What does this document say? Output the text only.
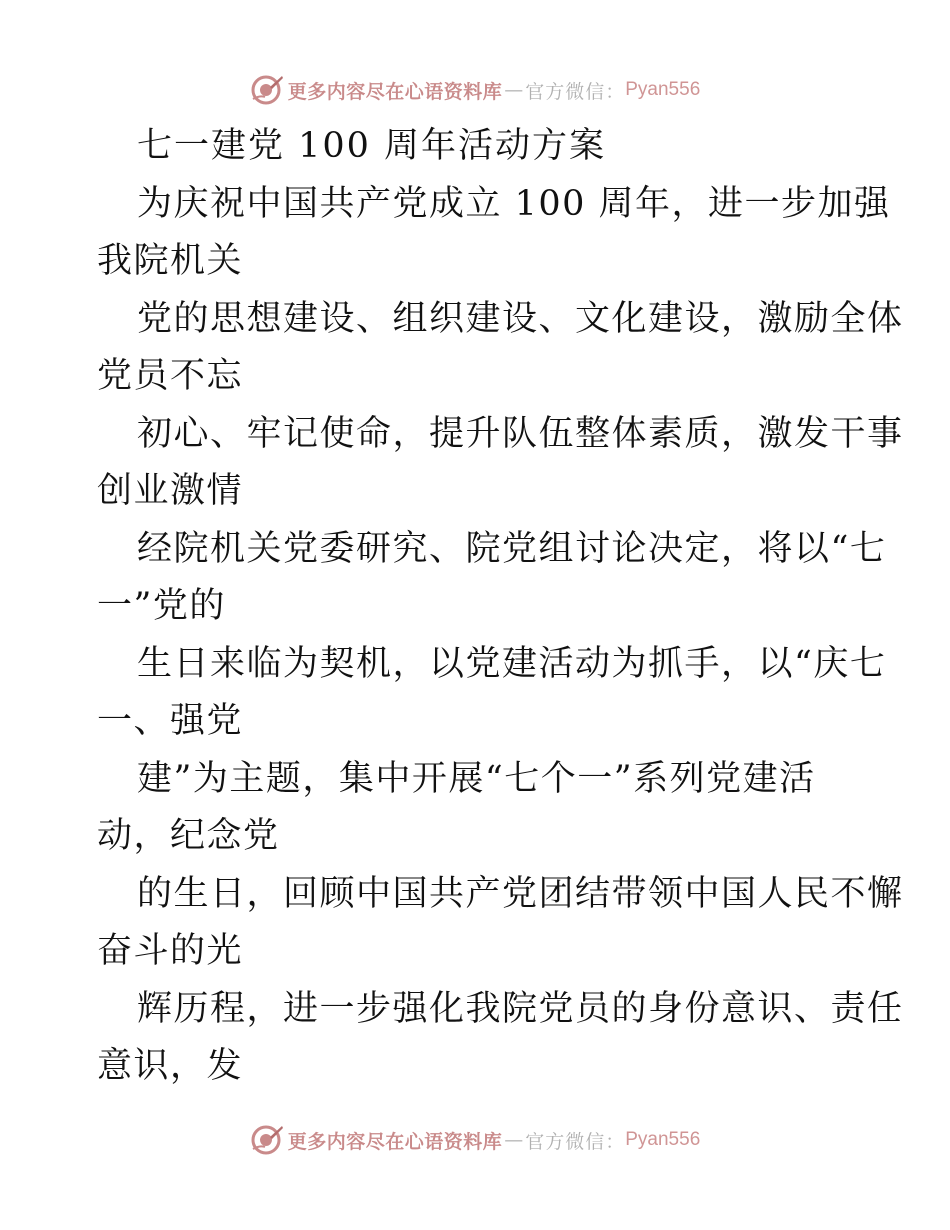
更多内容尽在心语资料库 — 官方微信： Pyan556
七一建党 100 周年活动方案
为庆祝中国共产党成立 100 周年，进一步加强
我院机关
党的思想建设、组织建设、文化建设，激励全体
党员不忘
初心、牢记使命，提升队伍整体素质，激发干事
创业激情
经院机关党委研究、院党组讨论决定，将以“七
一”党的
生日来临为契机，以党建活动为抓手，以“庆七
一、强党
建”为主题，集中开展“七个一”系列党建活
动，纪念党
的生日，回顾中国共产党团结带领中国人民不懈
奋斗的光
辉历程，进一步强化我院党员的身份意识、责任
意识，发
更多内容尽在心语资料库 — 官方微信： Pyan556
